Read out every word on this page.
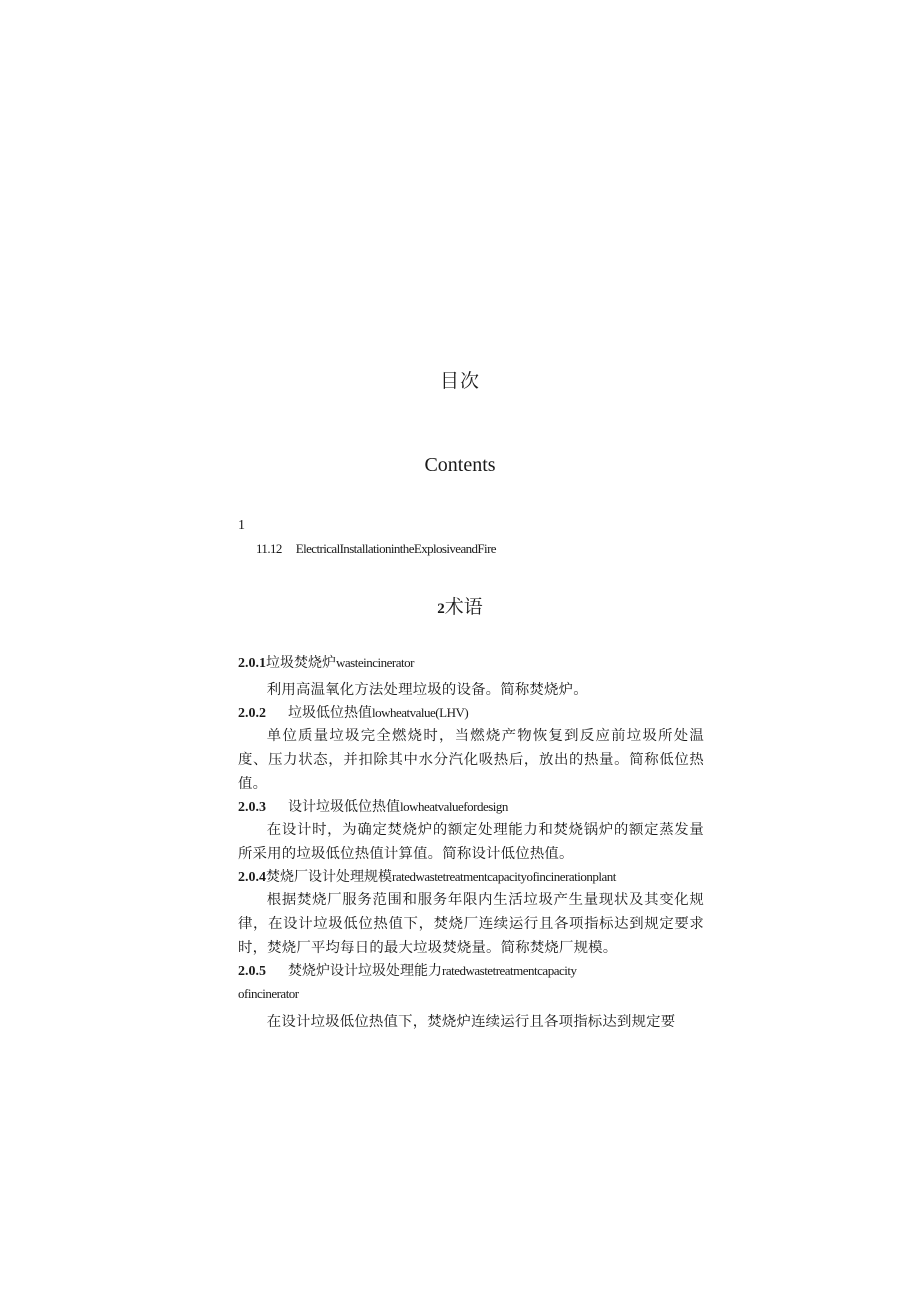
目次
Contents
1
11.12 ElectricalInstallationintheExplosiveandFire
2术语
2.0.1垃圾焚烧炉wasteincinerator

利用高温氧化方法处理垃圾的设备。简称焚烧炉。

2.0.2 垃圾低位热值lowheatvalue(LHV)

单位质量垃圾完全燃烧时，当燃烧产物恢复到反应前垃圾所处温度、压力状态，并扣除其中水分汽化吸热后，放出的热量。简称低位热值。

2.0.3 设计垃圾低位热值lowheatvaluefordesign

在设计时，为确定焚烧炉的额定处理能力和焚烧锅炉的额定蒸发量所采用的垃圾低位热值计算值。简称设计低位热值。

2.0.4焚烧厂设计处理规模ratedwastetreatmentcapacityofincinerationplant

根据焚烧厂服务范围和服务年限内生活垃圾产生量现状及其变化规律，在设计垃圾低位热值下，焚烧厂连续运行且各项指标达到规定要求时，焚烧厂平均每日的最大垃圾焚烧量。简称焚烧厂规模。

2.0.5 焚烧炉设计垃圾处理能力ratedwastetreatmentcapacity
ofincinerator

在设计垃圾低位热值下，焚烧炉连续运行且各项指标达到规定要
